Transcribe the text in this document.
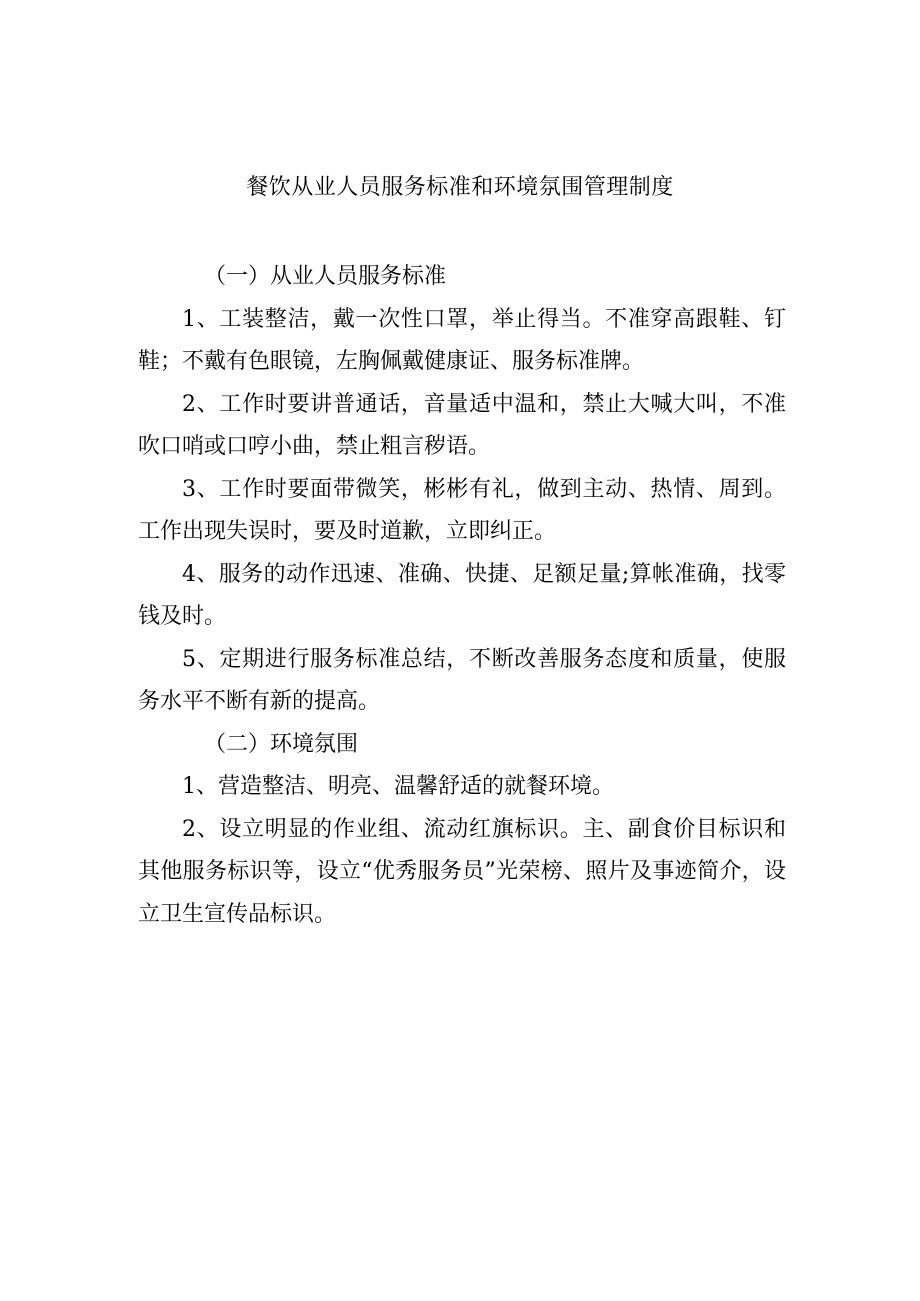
餐饮从业人员服务标准和环境氛围管理制度

（一）从业人员服务标准

1、工装整洁，戴一次性口罩，举止得当。不准穿高跟鞋、钉鞋；不戴有色眼镜，左胸佩戴健康证、服务标准牌。

2、工作时要讲普通话，音量适中温和，禁止大喊大叫，不准吹口哨或口哼小曲，禁止粗言秽语。

3、工作时要面带微笑，彬彬有礼，做到主动、热情、周到。工作出现失误时，要及时道歉，立即纠正。

4、服务的动作迅速、准确、快捷、足额足量;算帐准确，找零钱及时。

5、定期进行服务标准总结，不断改善服务态度和质量，使服务水平不断有新的提高。

（二）环境氛围

1、营造整洁、明亮、温馨舒适的就餐环境。

2、设立明显的作业组、流动红旗标识。主、副食价目标识和其他服务标识等，设立“优秀服务员”光荣榜、照片及事迹简介，设立卫生宣传品标识。
